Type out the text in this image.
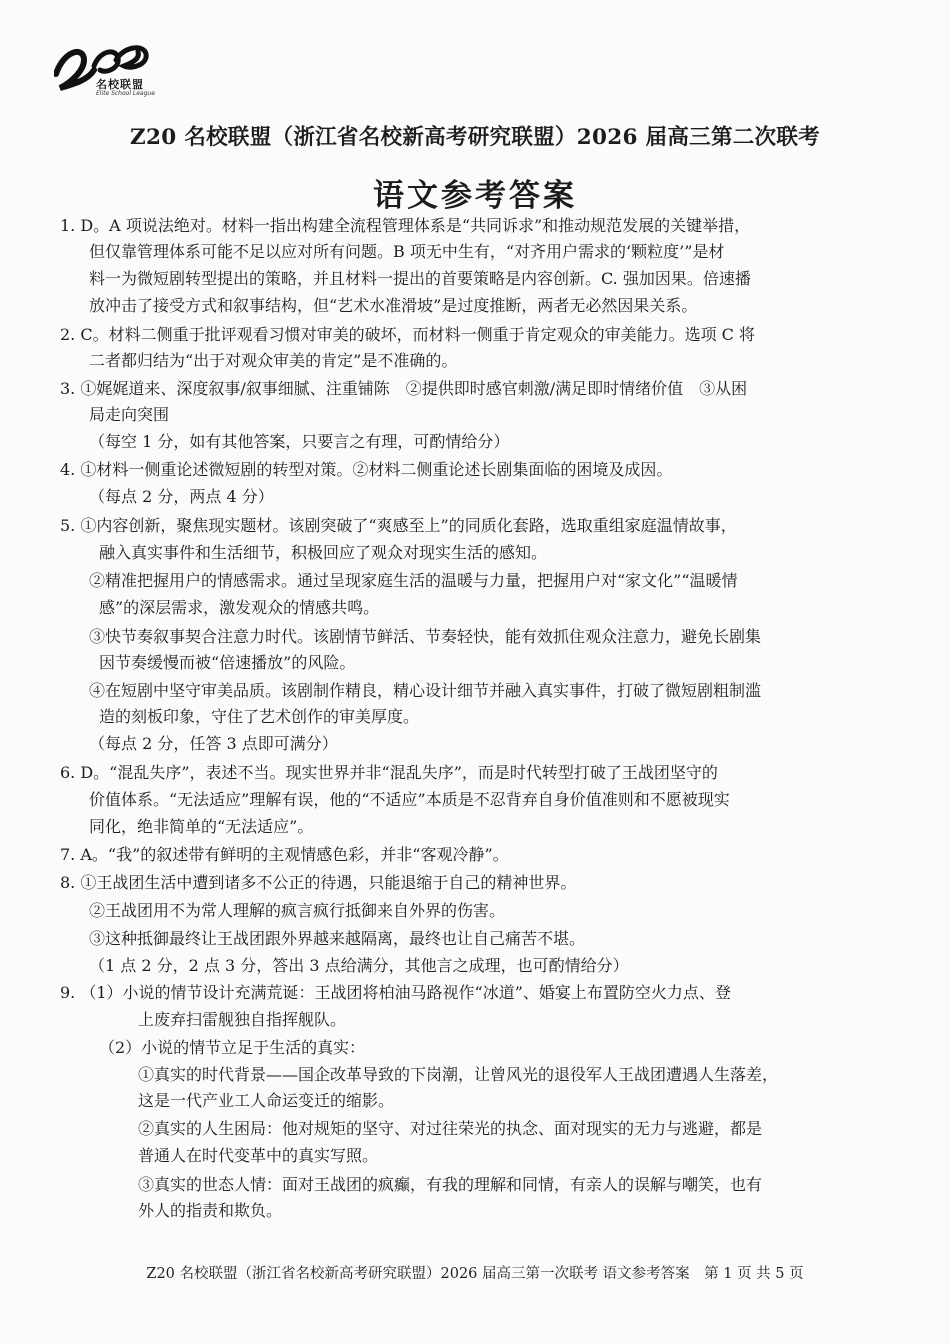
名校联盟
Elite School League
Z20 名校联盟（浙江省名校新高考研究联盟）2026 届高三第二次联考
语文参考答案
1. D。A 项说法绝对。材料一指出构建全流程管理体系是“共同诉求”和推动规范发展的关键举措，
但仅靠管理体系可能不足以应对所有问题。B 项无中生有，“对齐用户需求的‘颗粒度’”是材
料一为微短剧转型提出的策略，并且材料一提出的首要策略是内容创新。C. 强加因果。倍速播
放冲击了接受方式和叙事结构，但“艺术水准滑坡”是过度推断，两者无必然因果关系。
2. C。材料二侧重于批评观看习惯对审美的破坏，而材料一侧重于肯定观众的审美能力。选项 C 将
二者都归结为“出于对观众审美的肯定”是不准确的。
3. ①娓娓道来、深度叙事/叙事细腻、注重铺陈　②提供即时感官刺激/满足即时情绪价值　③从困
局走向突围
（每空 1 分，如有其他答案，只要言之有理，可酌情给分）
4. ①材料一侧重论述微短剧的转型对策。②材料二侧重论述长剧集面临的困境及成因。
（每点 2 分，两点 4 分）
5. ①内容创新，聚焦现实题材。该剧突破了“爽感至上”的同质化套路，选取重组家庭温情故事，
融入真实事件和生活细节，积极回应了观众对现实生活的感知。
②精准把握用户的情感需求。通过呈现家庭生活的温暖与力量，把握用户对“家文化”“温暖情
感”的深层需求，激发观众的情感共鸣。
③快节奏叙事契合注意力时代。该剧情节鲜活、节奏轻快，能有效抓住观众注意力，避免长剧集
因节奏缓慢而被“倍速播放”的风险。
④在短剧中坚守审美品质。该剧制作精良，精心设计细节并融入真实事件，打破了微短剧粗制滥
造的刻板印象，守住了艺术创作的审美厚度。
（每点 2 分，任答 3 点即可满分）
6. D。“混乱失序”，表述不当。现实世界并非“混乱失序”，而是时代转型打破了王战团坚守的
价值体系。“无法适应”理解有误，他的“不适应”本质是不忍背弃自身价值准则和不愿被现实
同化，绝非简单的“无法适应”。
7. A。“我”的叙述带有鲜明的主观情感色彩，并非“客观冷静”。
8. ①王战团生活中遭到诸多不公正的待遇，只能退缩于自己的精神世界。
②王战团用不为常人理解的疯言疯行抵御来自外界的伤害。
③这种抵御最终让王战团跟外界越来越隔离，最终也让自己痛苦不堪。
（1 点 2 分，2 点 3 分，答出 3 点给满分，其他言之成理，也可酌情给分）
9. （1）小说的情节设计充满荒诞：王战团将柏油马路视作“冰道”、婚宴上布置防空火力点、登
上废弃扫雷舰独自指挥舰队。
（2）小说的情节立足于生活的真实：
①真实的时代背景——国企改革导致的下岗潮，让曾风光的退役军人王战团遭遇人生落差，
这是一代产业工人命运变迁的缩影。
②真实的人生困局：他对规矩的坚守、对过往荣光的执念、面对现实的无力与逃避，都是
普通人在时代变革中的真实写照。
③真实的世态人情：面对王战团的疯癫，有我的理解和同情，有亲人的误解与嘲笑，也有
外人的指责和欺负。
Z20 名校联盟（浙江省名校新高考研究联盟）2026 届高三第一次联考 语文参考答案　第 1 页 共 5 页
